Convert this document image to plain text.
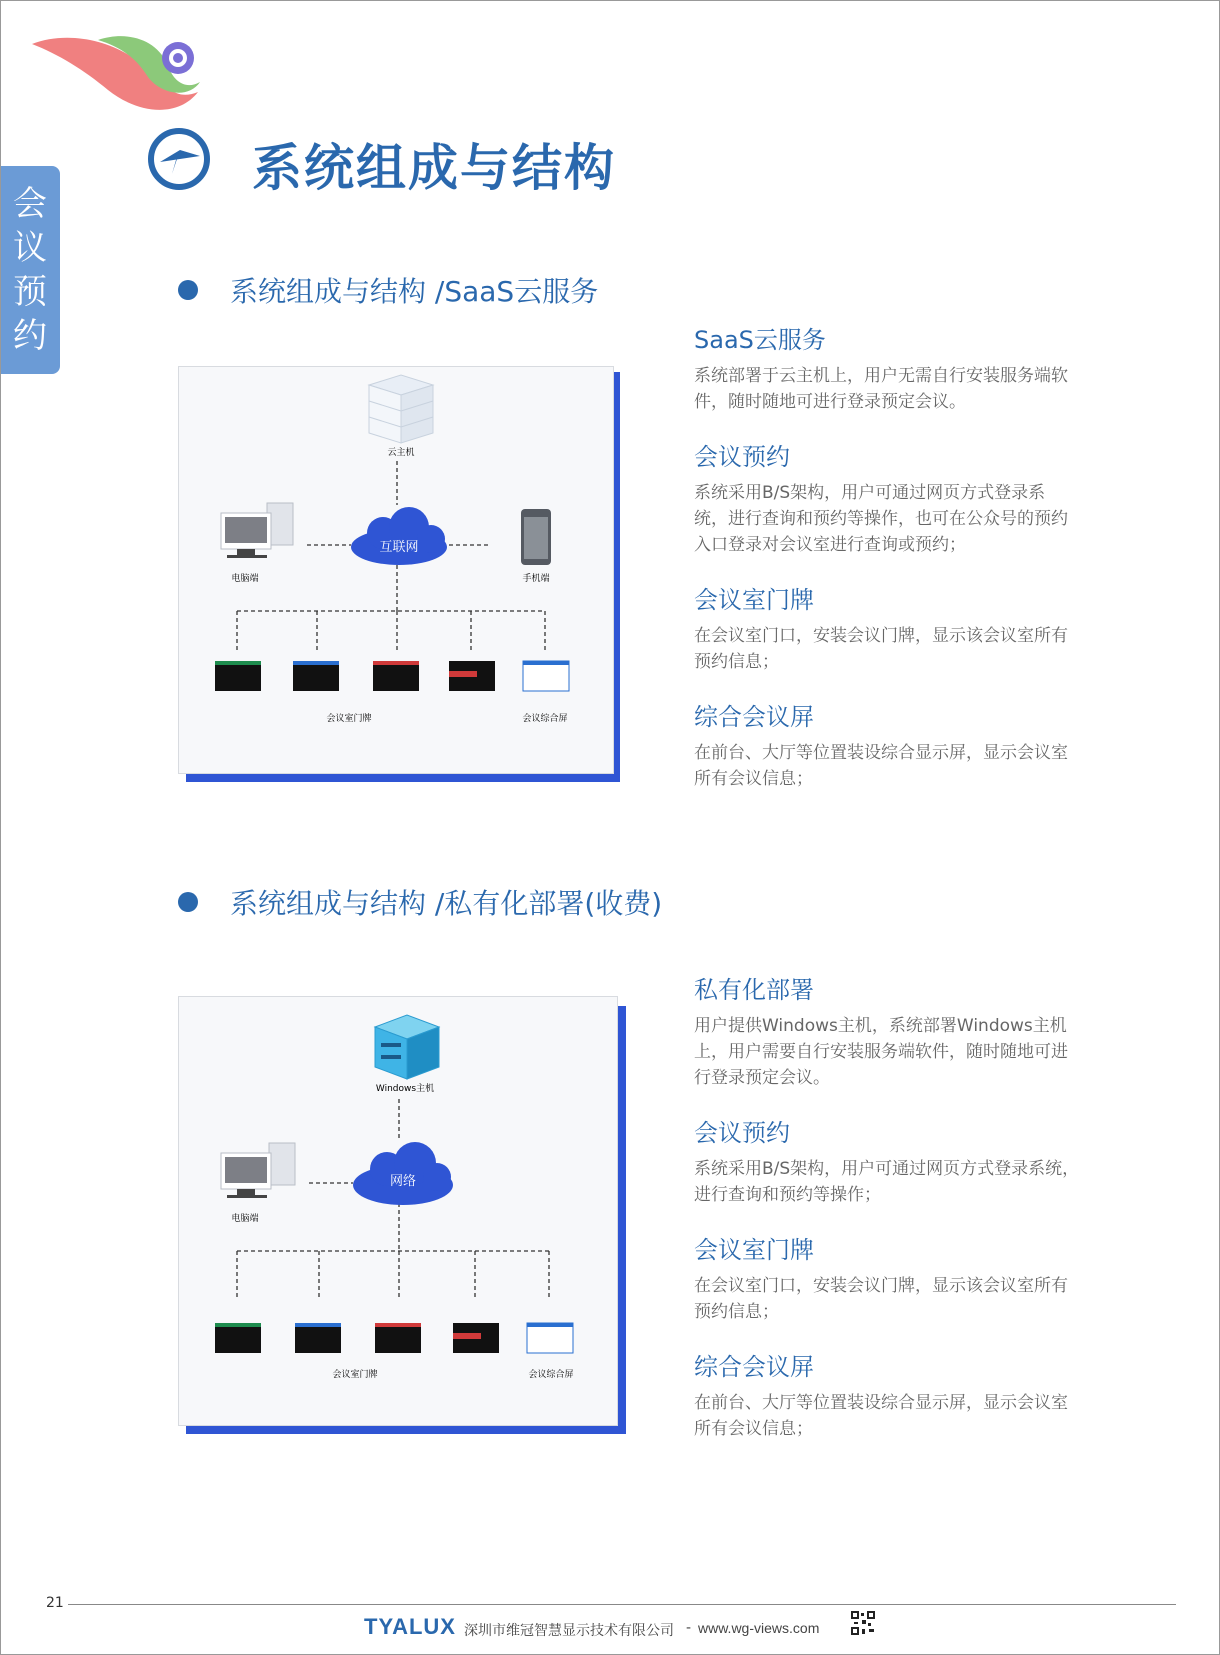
会
议
预
约
系统组成与结构
系统组成与结构 /SaaS云服务
云主机
互联网
电脑端	手机端
会议室门牌	会议综合屏
SaaS云服务

系统部署于云主机上，用户无需自行安装服务端软件，随时随地可进行登录预定会议。

会议预约

系统采用B/S架构，用户可通过网页方式登录系统，进行查询和预约等操作，也可在公众号的预约入口登录对会议室进行查询或预约；

会议室门牌

在会议室门口，安装会议门牌，显示该会议室所有预约信息；

综合会议屏

在前台、大厅等位置装设综合显示屏，显示会议室所有会议信息；

系统组成与结构 /私有化部署(收费)
Windows主机
网络
电脑端
会议室门牌	会议综合屏
私有化部署

用户提供Windows主机，系统部署Windows主机上，用户需要自行安装服务端软件，随时随地可进行登录预定会议。

会议预约

系统采用B/S架构，用户可通过网页方式登录系统，进行查询和预约等操作；

会议室门牌

在会议室门口，安装会议门牌，显示该会议室所有预约信息；

综合会议屏

在前台、大厅等位置装设综合显示屏，显示会议室所有会议信息；

21
TYALUX 深圳市维冠智慧显示技术有限公司 - www.wg-views.com
